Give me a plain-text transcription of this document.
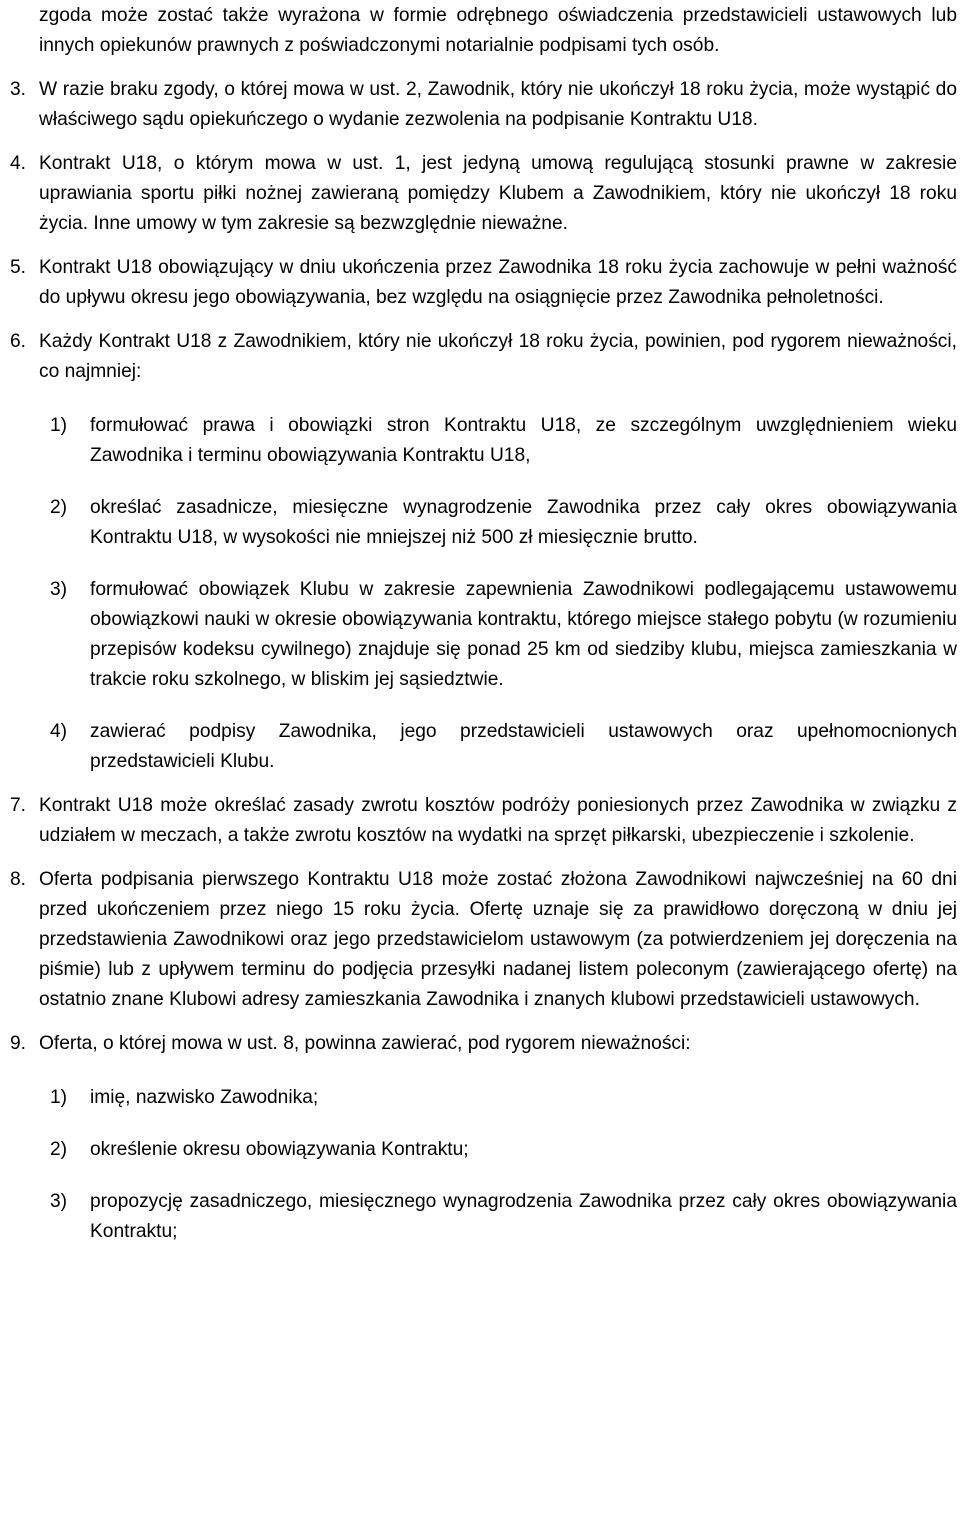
zgoda może zostać także wyrażona w formie odrębnego oświadczenia przedstawicieli ustawowych lub innych opiekunów prawnych z poświadczonymi notarialnie podpisami tych osób.

3. W razie braku zgody, o której mowa w ust. 2, Zawodnik, który nie ukończył 18 roku życia, może wystąpić do właściwego sądu opiekuńczego o wydanie zezwolenia na podpisanie Kontraktu U18.
4. Kontrakt U18, o którym mowa w ust. 1, jest jedyną umową regulującą stosunki prawne w zakresie uprawiania sportu piłki nożnej zawieraną pomiędzy Klubem a Zawodnikiem, który nie ukończył 18 roku życia. Inne umowy w tym zakresie są bezwzględnie nieważne.
5. Kontrakt U18 obowiązujący w dniu ukończenia przez Zawodnika 18 roku życia zachowuje w pełni ważność do upływu okresu jego obowiązywania, bez względu na osiągnięcie przez Zawodnika pełnoletności.
6. Każdy Kontrakt U18 z Zawodnikiem, który nie ukończył 18 roku życia, powinien, pod rygorem nieważności, co najmniej:
1)	formułować prawa i obowiązki stron Kontraktu U18, ze szczególnym uwzględnieniem wieku Zawodnika i terminu obowiązywania Kontraktu U18,
2)	określać zasadnicze, miesięczne wynagrodzenie Zawodnika przez cały okres obowiązywania Kontraktu U18, w wysokości nie mniejszej niż 500 zł miesięcznie brutto.
3)	formułować obowiązek Klubu w zakresie zapewnienia Zawodnikowi podlegającemu ustawowemu obowiązkowi nauki w okresie obowiązywania kontraktu, którego miejsce stałego pobytu (w rozumieniu przepisów kodeksu cywilnego) znajduje się ponad 25 km od siedziby klubu, miejsca zamieszkania w trakcie roku szkolnego, w bliskim jej sąsiedztwie.
4)	zawierać podpisy Zawodnika, jego przedstawicieli ustawowych oraz upełnomocnionych przedstawicieli Klubu.
7. Kontrakt U18 może określać zasady zwrotu kosztów podróży poniesionych przez Zawodnika w związku z udziałem w meczach, a także zwrotu kosztów na wydatki na sprzęt piłkarski, ubezpieczenie i szkolenie.
8. Oferta podpisania pierwszego Kontraktu U18 może zostać złożona Zawodnikowi najwcześniej na 60 dni przed ukończeniem przez niego 15 roku życia. Ofertę uznaje się za prawidłowo doręczoną w dniu jej przedstawienia Zawodnikowi oraz jego przedstawicielom ustawowym (za potwierdzeniem jej doręczenia na piśmie) lub z upływem terminu do podjęcia przesyłki nadanej listem poleconym (zawierającego ofertę) na ostatnio znane Klubowi adresy zamieszkania Zawodnika i znanych klubowi przedstawicieli ustawowych.
9. Oferta, o której mowa w ust. 8, powinna zawierać, pod rygorem nieważności:
1)	imię, nazwisko Zawodnika;
2)	określenie okresu obowiązywania Kontraktu;
3)	propozycję zasadniczego, miesięcznego wynagrodzenia Zawodnika przez cały okres obowiązywania Kontraktu;
